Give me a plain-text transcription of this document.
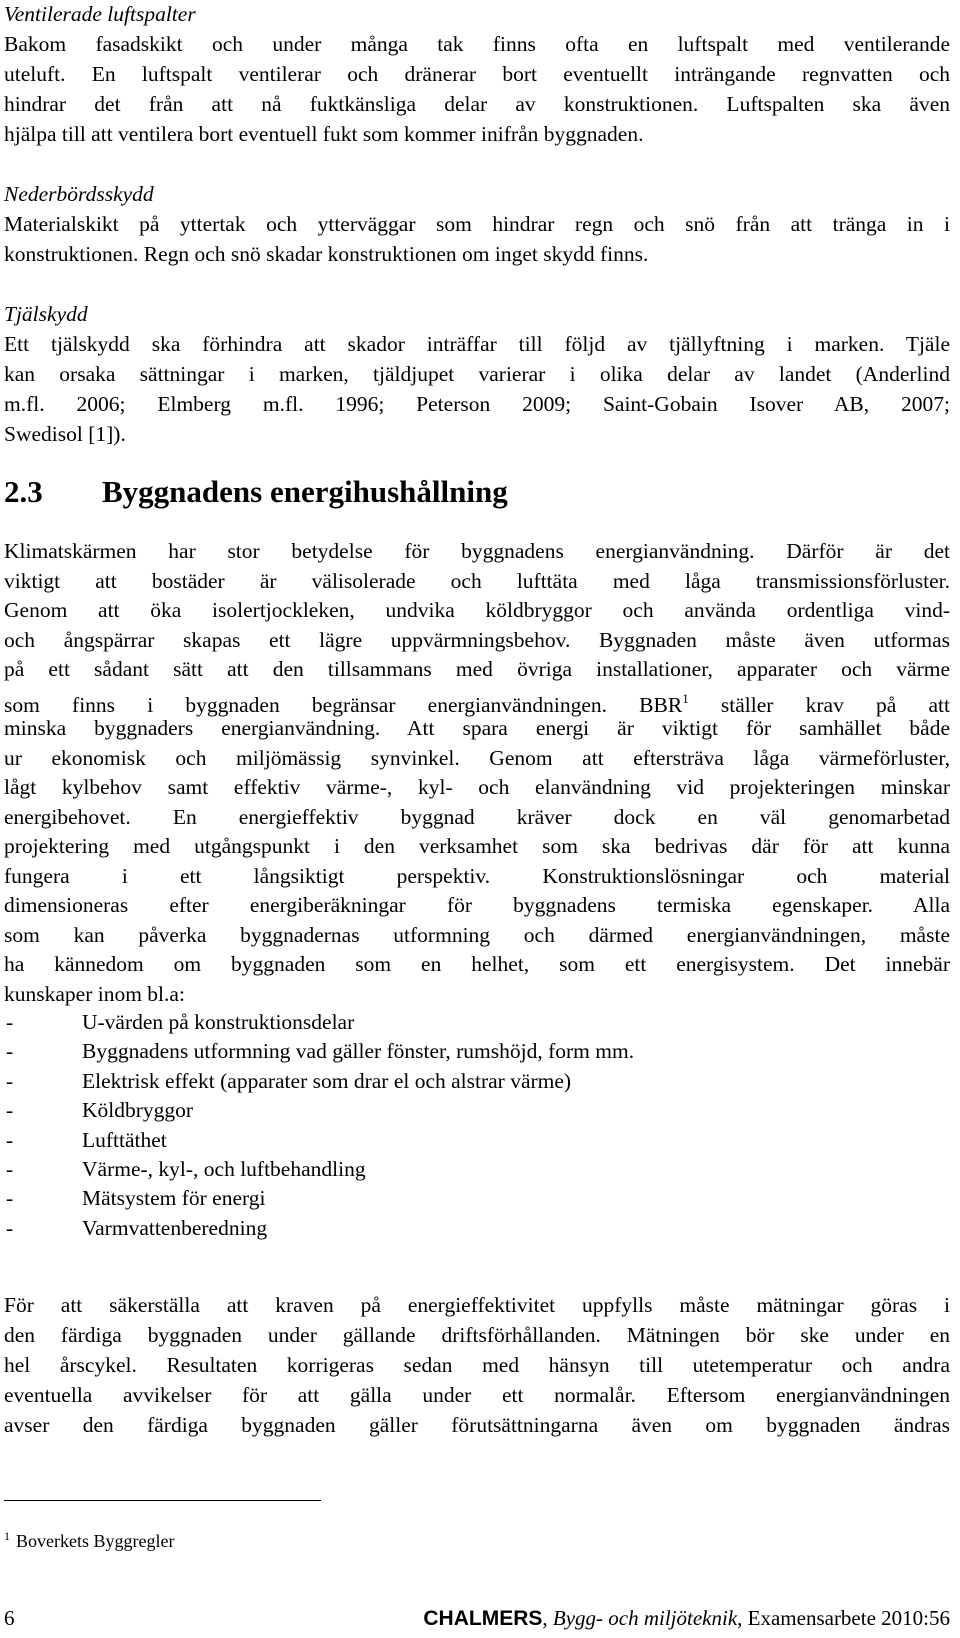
Ventilerade luftspalter
Bakom fasadskikt och under många tak finns ofta en luftspalt med ventilerande
uteluft. En luftspalt ventilerar och dränerar bort eventuellt inträngande regnvatten och
hindrar det från att nå fuktkänsliga delar av konstruktionen. Luftspalten ska även
hjälpa till att ventilera bort eventuell fukt som kommer inifrån byggnaden.
Nederbördsskydd
Materialskikt på yttertak och ytterväggar som hindrar regn och snö från att tränga in i
konstruktionen. Regn och snö skadar konstruktionen om inget skydd finns.
Tjälskydd
Ett tjälskydd ska förhindra att skador inträffar till följd av tjällyftning i marken. Tjäle
kan orsaka sättningar i marken, tjäldjupet varierar i olika delar av landet (Anderlind
m.fl. 2006; Elmberg m.fl. 1996; Peterson 2009; Saint-Gobain Isover AB, 2007;
Swedisol [1]).
2.3 Byggnadens energihushållning
Klimatskärmen har stor betydelse för byggnadens energianvändning. Därför är det
viktigt att bostäder är välisolerade och lufttäta med låga transmissionsförluster.
Genom att öka isolertjockleken, undvika köldbryggor och använda ordentliga vind-
och ångspärrar skapas ett lägre uppvärmningsbehov. Byggnaden måste även utformas
på ett sådant sätt att den tillsammans med övriga installationer, apparater och värme
som finns i byggnaden begränsar energianvändningen. BBR$^1$ ställer krav på att
minska byggnaders energianvändning. Att spara energi är viktigt för samhället både
ur ekonomisk och miljömässig synvinkel. Genom att eftersträva låga värmeförluster,
lågt kylbehov samt effektiv värme-, kyl- och elanvändning vid projekteringen minskar
energibehovet. En energieffektiv byggnad kräver dock en väl genomarbetad
projektering med utgångspunkt i den verksamhet som ska bedrivas där för att kunna
fungera i ett långsiktigt perspektiv. Konstruktionslösningar och material
dimensioneras efter energiberäkningar för byggnadens termiska egenskaper. Alla
som kan påverka byggnadernas utformning och därmed energianvändningen, måste
ha kännedom om byggnaden som en helhet, som ett energisystem. Det innebär
kunskaper inom bl.a:
-	U-värden på konstruktionsdelar
-	Byggnadens utformning vad gäller fönster, rumshöjd, form mm.
-	Elektrisk effekt (apparater som drar el och alstrar värme)
-	Köldbryggor
-	Lufttäthet
-	Värme-, kyl-, och luftbehandling
-	Mätsystem för energi
-	Varmvattenberedning
För att säkerställa att kraven på energieffektivitet uppfylls måste mätningar göras i
den färdiga byggnaden under gällande driftsförhållanden. Mätningen bör ske under en
hel årscykel. Resultaten korrigeras sedan med hänsyn till utetemperatur och andra
eventuella avvikelser för att gälla under ett normalår. Eftersom energianvändningen
avser den färdiga byggnaden gäller förutsättningarna även om byggnaden ändras
$^1$ Boverkets Byggregler
6	CHALMERS, Bygg- och miljöteknik, Examensarbete 2010:56
